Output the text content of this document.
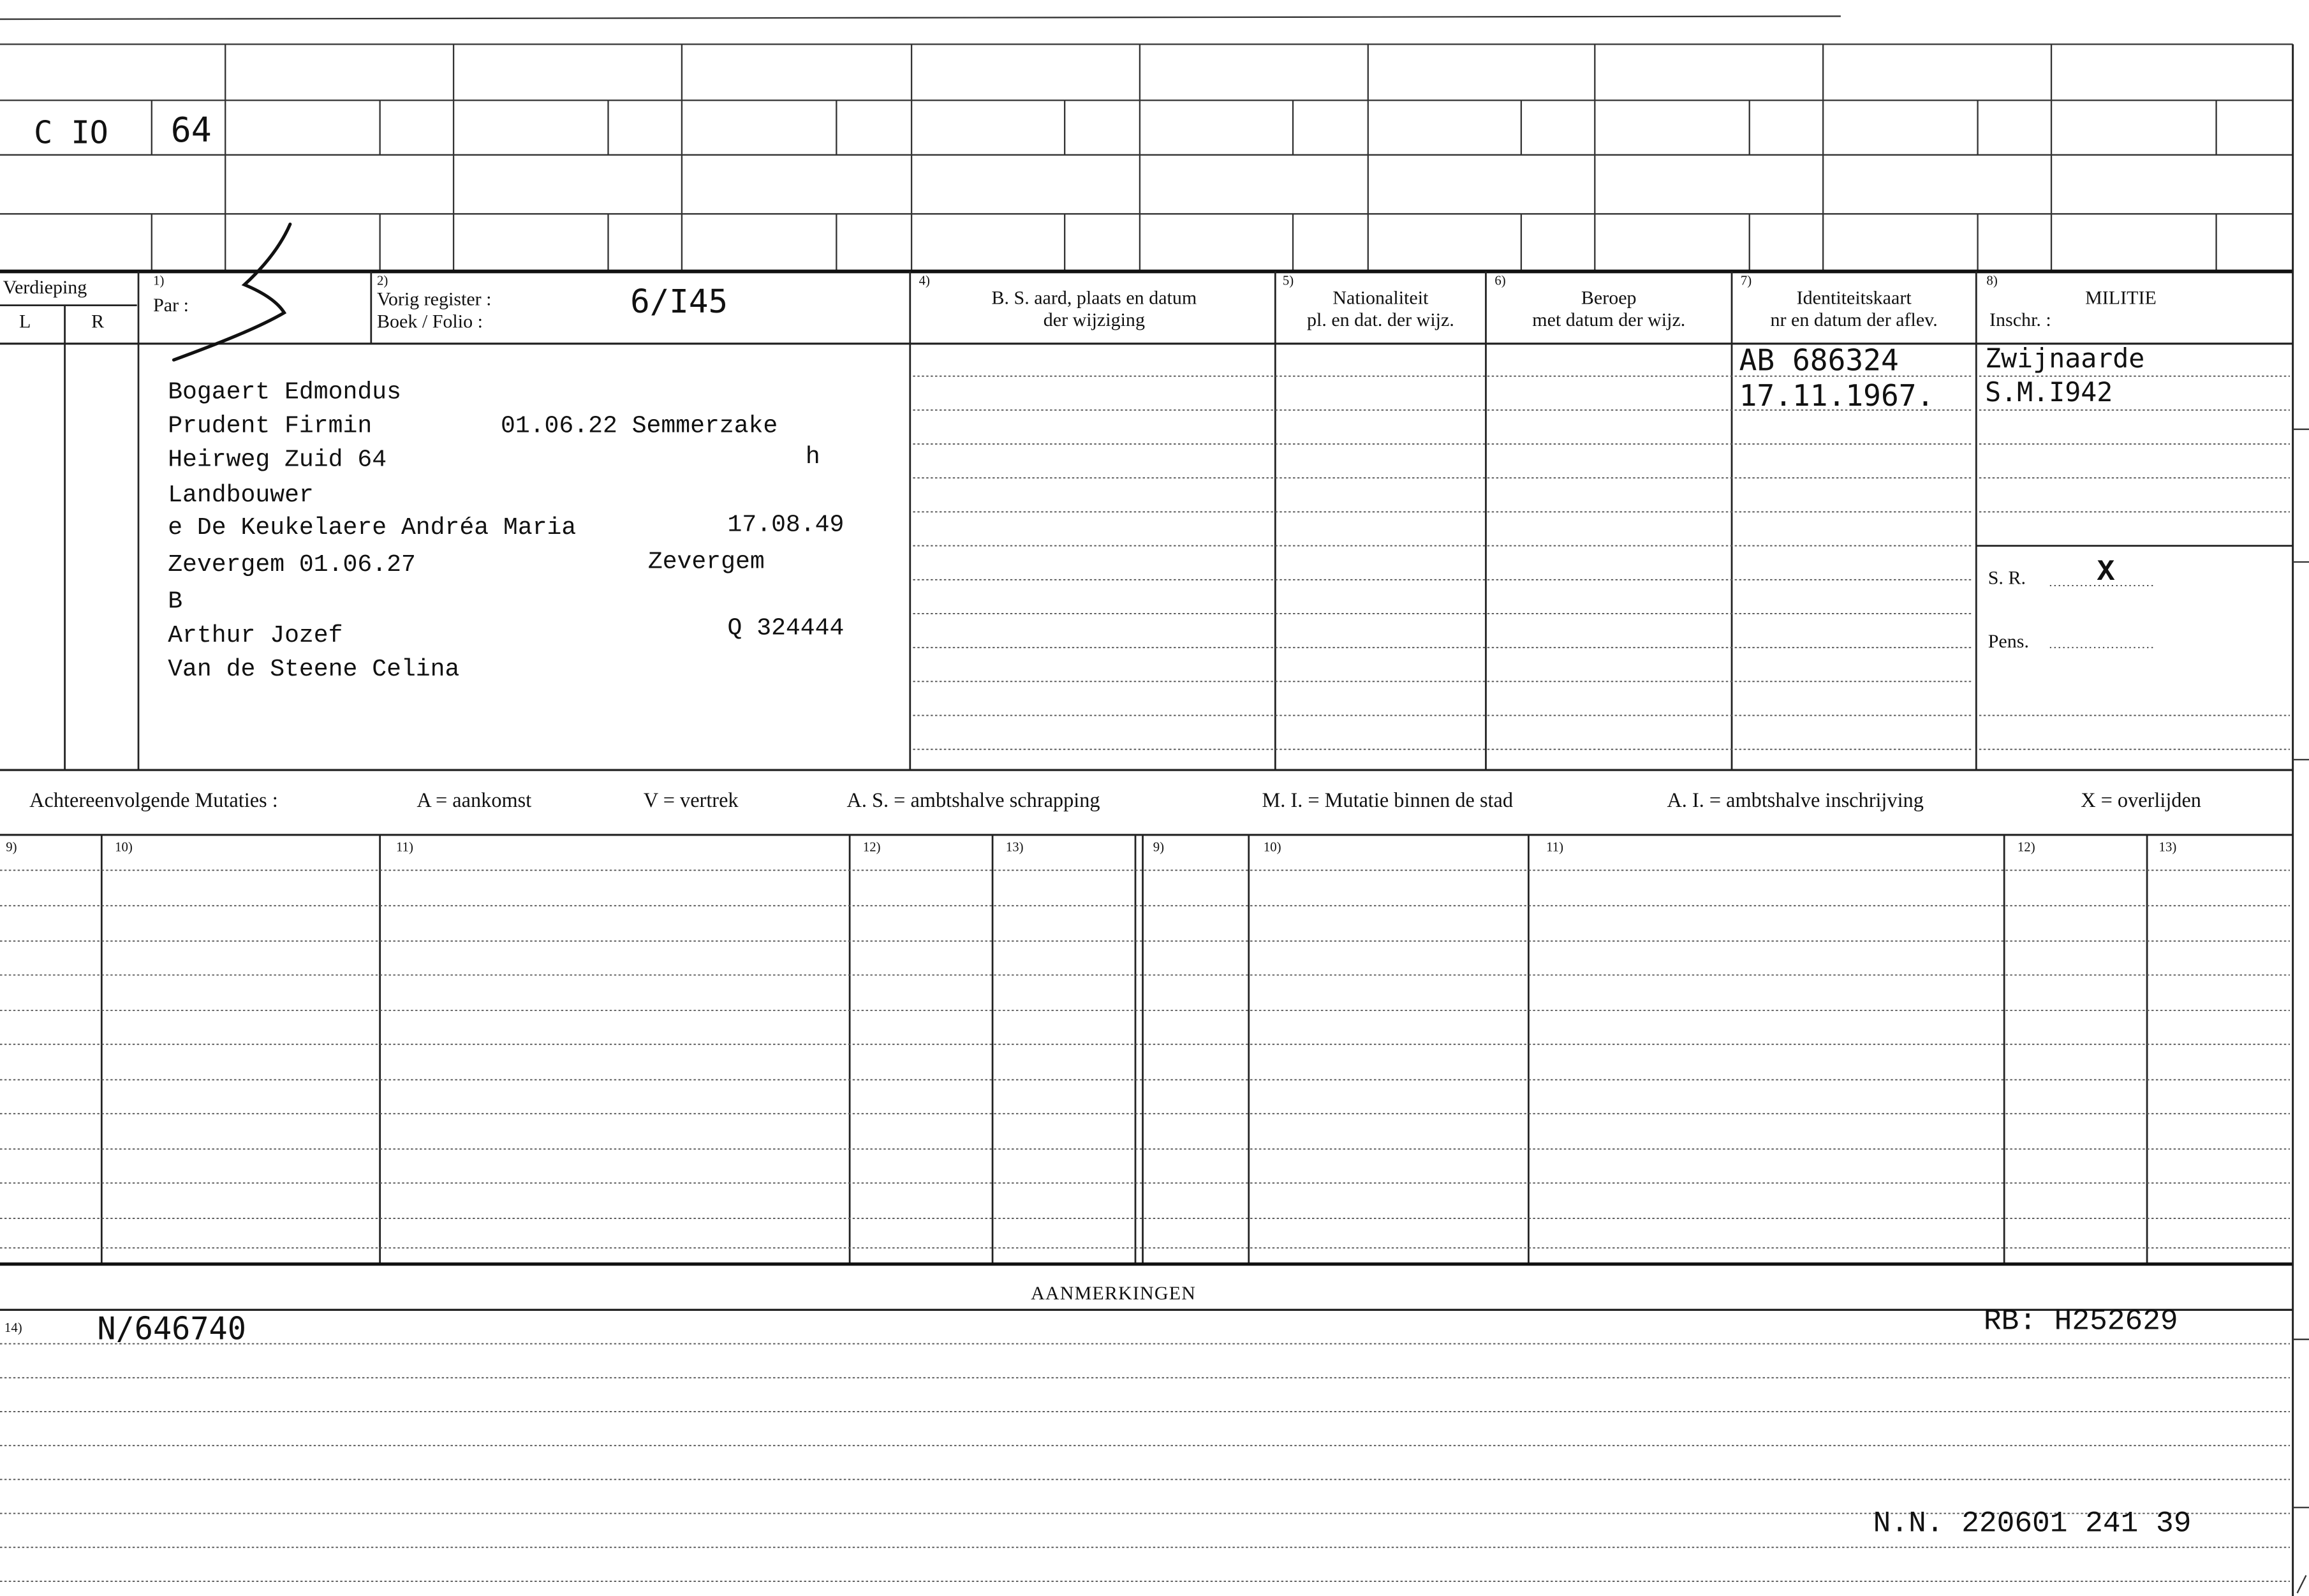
C IO	64
Verdieping
L	R
1)
Par :
2)
Vorig register :
Boek / Folio :	6/I45
4)
B. S. aard, plaats en datum
der wijziging
5)
Nationaliteit
pl. en dat. der wijz.
6)
Beroep
met datum der wijz.
7)
Identiteitskaart
nr en datum der aflev.
8)
MILITIE
Inschr. :
Bogaert Edmondus
Prudent Firmin	01.06.22 Semmerzake
Heirweg Zuid 64	h
Landbouwer
e De Keukelaere Andréa Maria	17.08.49
Zevergem 01.06.27	Zevergem
B
Arthur Jozef	Q 324444
Van de Steene Celina
AB 686324
17.11.1967.
Zwijnaarde
S.M.I942
S. R.	X
Pens.
Achtereenvolgende Mutaties :	A = aankomst	V = vertrek	A. S. = ambtshalve schrapping	M. I. = Mutatie binnen de stad	A. I. = ambtshalve inschrijving	X = overlijden
9)	10)	11)	12)	13)	9)	10)	11)	12)	13)
AANMERKINGEN
14)	N/646740	RB: H252629
N.N. 220601 241 39
